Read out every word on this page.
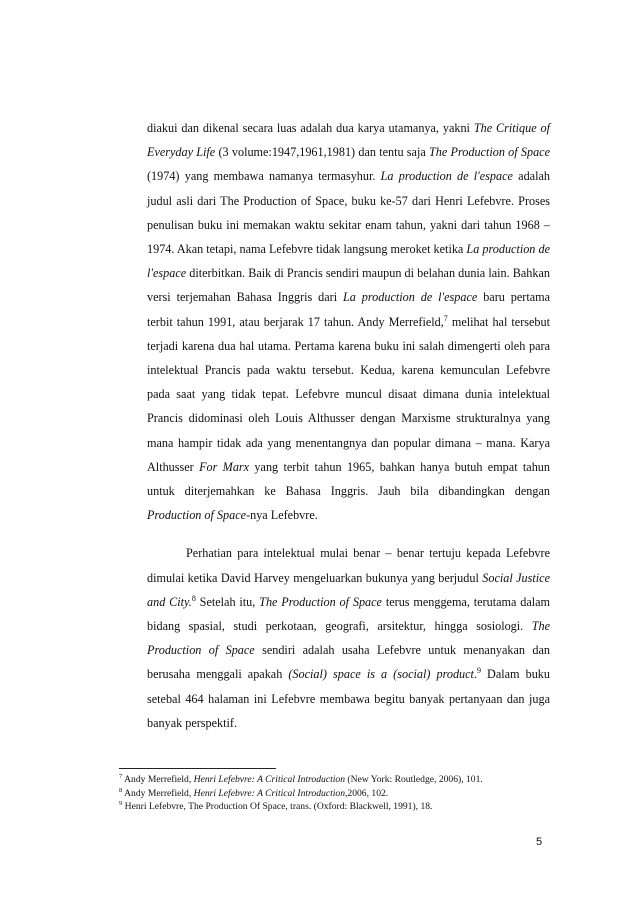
diakui dan dikenal secara luas adalah dua karya utamanya, yakni The Critique of Everyday Life (3 volume:1947,1961,1981) dan tentu saja The Production of Space (1974) yang membawa namanya termasyhur. La production de l'espace adalah judul asli dari The Production of Space, buku ke-57 dari Henri Lefebvre. Proses penulisan buku ini memakan waktu sekitar enam tahun, yakni dari tahun 1968 – 1974. Akan tetapi, nama Lefebvre tidak langsung meroket ketika La production de l'espace diterbitkan. Baik di Prancis sendiri maupun di belahan dunia lain. Bahkan versi terjemahan Bahasa Inggris dari La production de l'espace baru pertama terbit tahun 1991, atau berjarak 17 tahun. Andy Merrefield,$^7$ melihat hal tersebut terjadi karena dua hal utama. Pertama karena buku ini salah dimengerti oleh para intelektual Prancis pada waktu tersebut. Kedua, karena kemunculan Lefebvre pada saat yang tidak tepat. Lefebvre muncul disaat dimana dunia intelektual Prancis didominasi oleh Louis Althusser dengan Marxisme strukturalnya yang mana hampir tidak ada yang menentangnya dan popular dimana – mana. Karya Althusser For Marx yang terbit tahun 1965, bahkan hanya butuh empat tahun untuk diterjemahkan ke Bahasa Inggris. Jauh bila dibandingkan dengan Production of Space-nya Lefebvre.

Perhatian para intelektual mulai benar – benar tertuju kepada Lefebvre dimulai ketika David Harvey mengeluarkan bukunya yang berjudul Social Justice and City.$^8$ Setelah itu, The Production of Space terus menggema, terutama dalam bidang spasial, studi perkotaan, geografi, arsitektur, hingga sosiologi. The Production of Space sendiri adalah usaha Lefebvre untuk menanyakan dan berusaha menggali apakah (Social) space is a (social) product.$^9$ Dalam buku setebal 464 halaman ini Lefebvre membawa begitu banyak pertanyaan dan juga banyak perspektif.

$^7$ Andy Merrefield, Henri Lefebvre: A Critical Introduction (New York: Routledge, 2006), 101.
$^8$ Andy Merrefield, Henri Lefebvre: A Critical Introduction,2006, 102.
$^9$ Henri Lefebvre, The Production Of Space, trans. (Oxford: Blackwell, 1991), 18.
5
